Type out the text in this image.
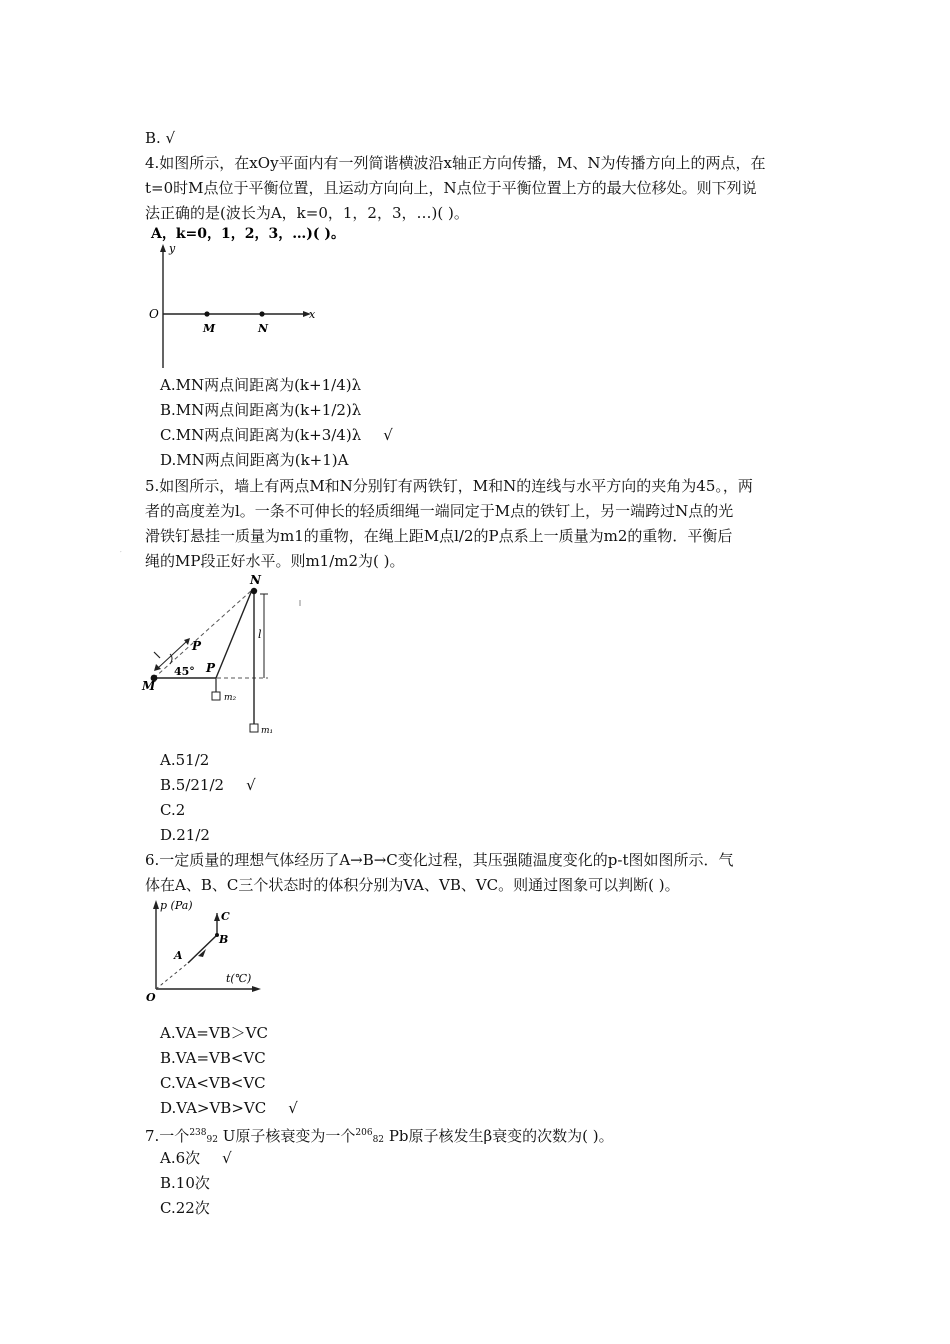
B. √
4.如图所示，在xOy平面内有一列简谐横波沿x轴正方向传播，M、N为传播方向上的两点，在
t=0时M点位于平衡位置，且运动方向向上，N点位于平衡位置上方的最大位移处。则下列说
法正确的是(波长为A，k=0，1，2，3，…)( )。
A，k=0，1，2，3，…)( )。
y
x
O
M	N
A.MN两点间距离为(k+1/4)λ
B.MN两点间距离为(k+1/2)λ
C.MN两点间距离为(k+3/4)λ √
D.MN两点间距离为(k+1)A
5.如图所示，墙上有两点M和N分别钉有两铁钉，M和N的连线与水平方向的夹角为45。，两
者的高度差为l。一条不可伸长的轻质细绳一端同定于M点的铁钉上，另一端跨过N点的光
滑铁钉悬挂一质量为m1的重物，在绳上距M点l/2的P点系上一质量为m2的重物．平衡后
绳的MP段正好水平。则m1/m2为( )。
N
M
P
P
45°
l
m₂
m₁
l/2
A.51/2
B.5/21/2 √
C.2
D.21/2
6.一定质量的理想气体经历了A→B→C变化过程，其压强随温度变化的p-t图如图所示．气
体在A、B、C三个状态时的体积分别为VA、VB、VC。则通过图象可以判断( )。
p (Pa)
t(℃)
O
A
B
C
A.VA=VB＞VC
B.VA=VB<VC
C.VA<VB<VC
D.VA>VB>VC √
7.一个$^{238}$92 U原子核衰变为一个$^{206}$82 Pb原子核发生β衰变的次数为( )。
A.6次 √
B.10次
C.22次
